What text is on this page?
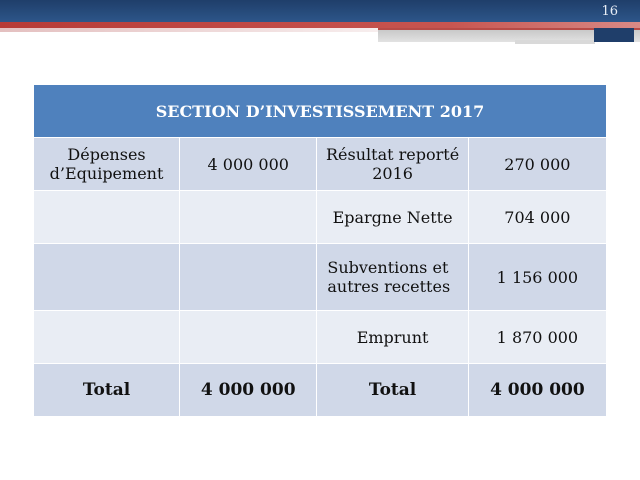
16
SECTION D’INVESTISSEMENT 2017			
Dépenses d’Equipement	4 000 000	Résultat reporté 2016	270 000
		Epargne Nette	704 000
		Subventions et autres recettes	1 156 000
		Emprunt	1 870 000
Total	4 000 000	Total	4 000 000
